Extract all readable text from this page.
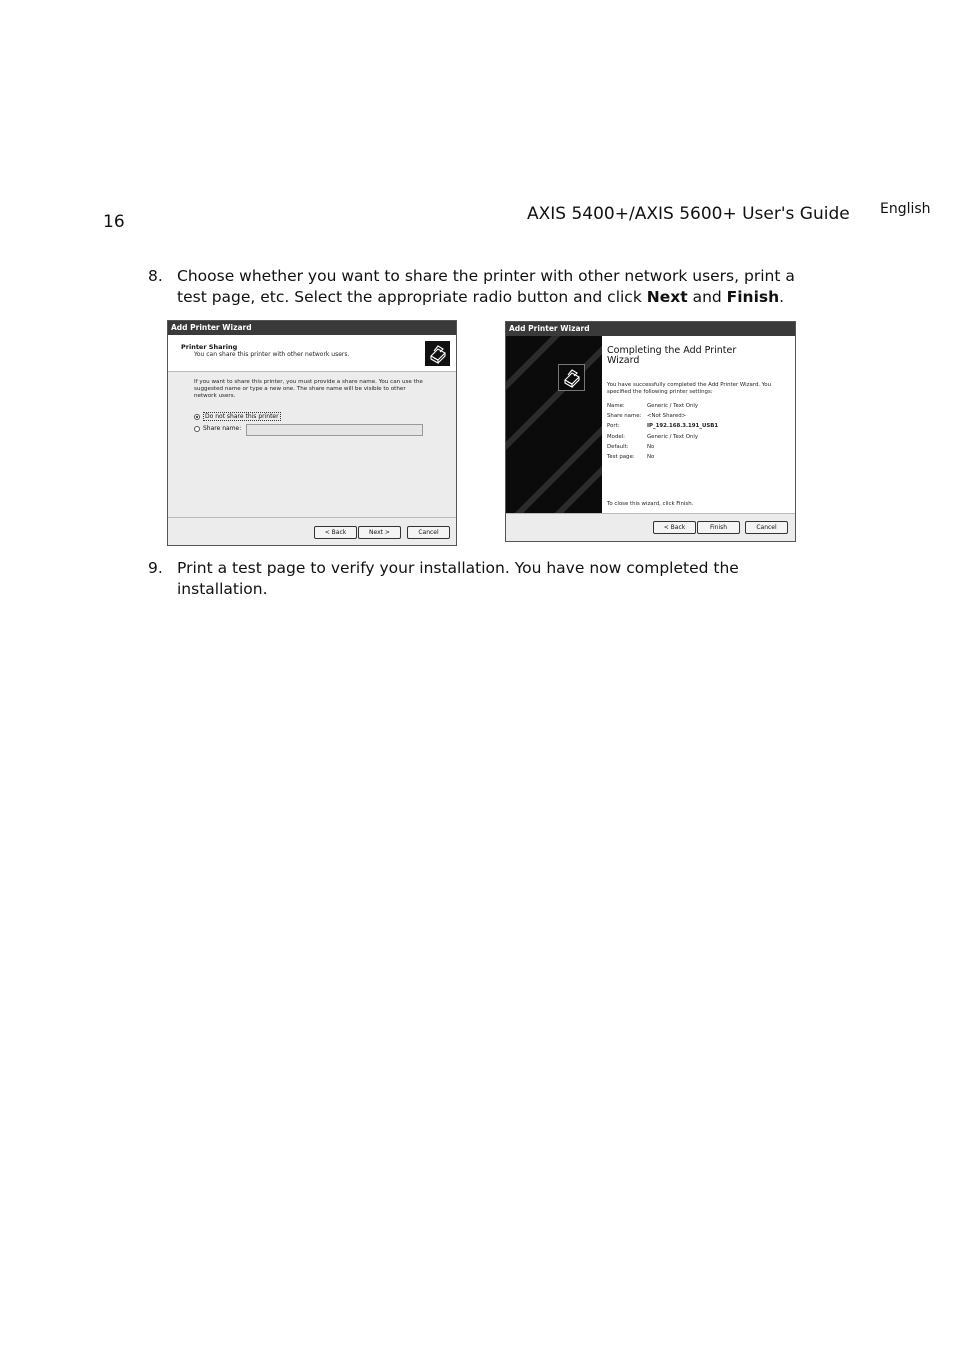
16	AXIS 5400+/AXIS 5600+ User's Guide English
8. Choose whether you want to share the printer with other network users, print a test page, etc. Select the appropriate radio button and click Next and Finish.
Add Printer Wizard
Printer Sharing
You can share this printer with other network users.
If you want to share this printer, you must provide a share name. You can use the suggested name or type a new one. The share name will be visible to other network users.
Do not share this printer
Share name:
< Back	Next >	Cancel
Add Printer Wizard
Completing the Add Printer Wizard
You have successfully completed the Add Printer Wizard. You specified the following printer settings:
Name:	Generic / Text Only
Share name: <Not Shared>
Port:	IP_192.168.3.191_USB1
Model:	Generic / Text Only
Default:	No
Test page: No
To close this wizard, click Finish.
< Back	Finish	Cancel
9. Print a test page to verify your installation. You have now completed the installation.
